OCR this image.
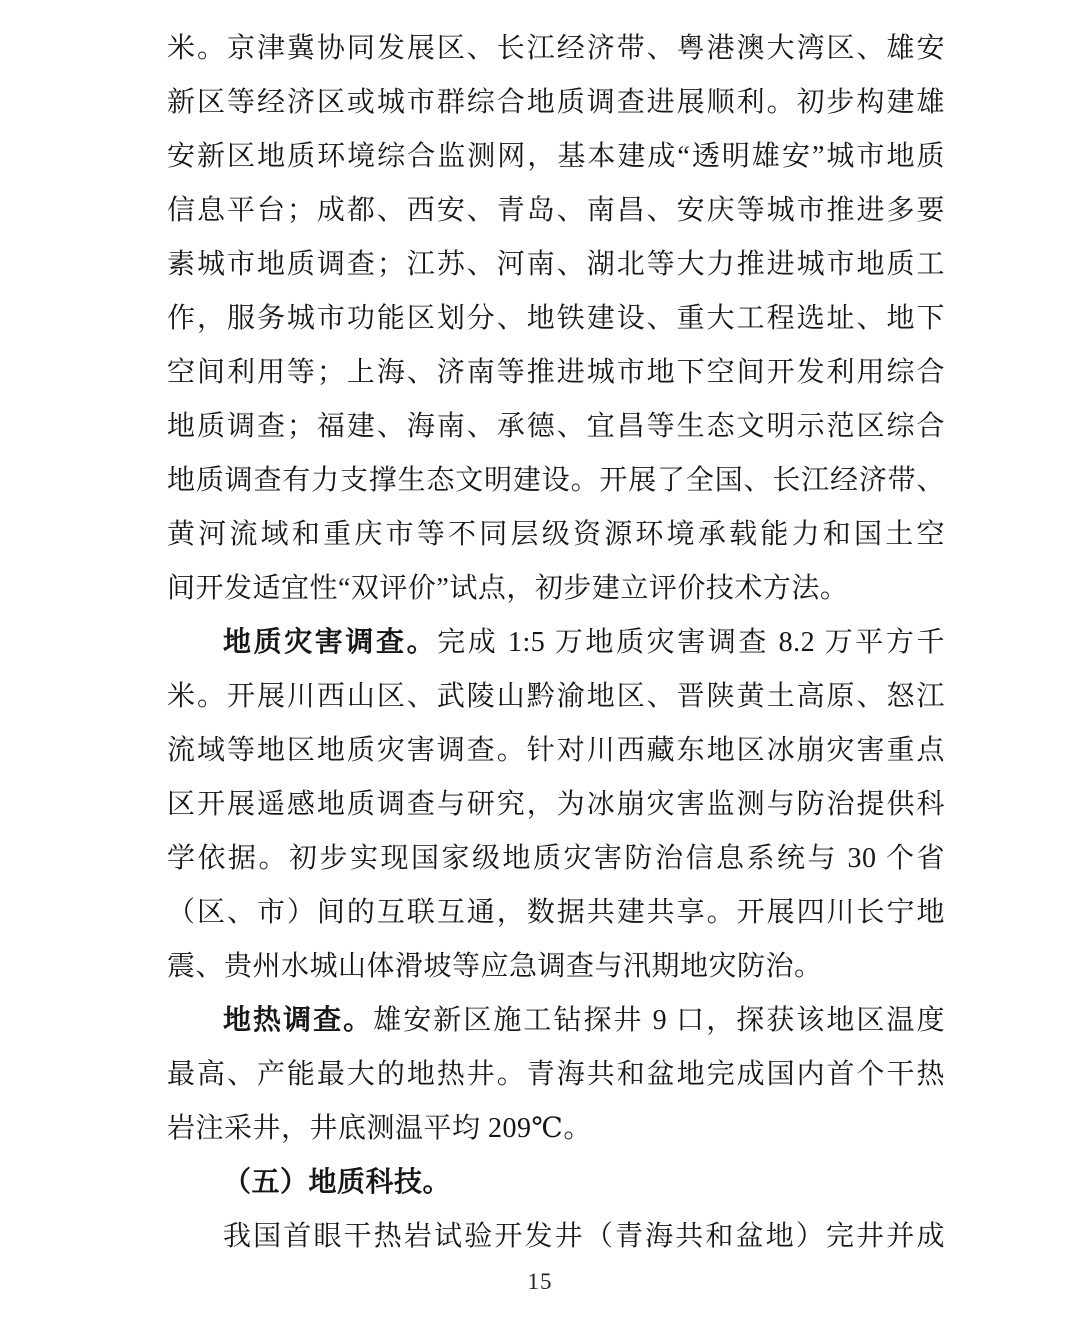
米。京津冀协同发展区、长江经济带、粤港澳大湾区、雄安
新区等经济区或城市群综合地质调查进展顺利。初步构建雄
安新区地质环境综合监测网，基本建成“透明雄安”城市地质
信息平台；成都、西安、青岛、南昌、安庆等城市推进多要
素城市地质调查；江苏、河南、湖北等大力推进城市地质工
作，服务城市功能区划分、地铁建设、重大工程选址、地下
空间利用等；上海、济南等推进城市地下空间开发利用综合
地质调查；福建、海南、承德、宜昌等生态文明示范区综合
地质调查有力支撑生态文明建设。开展了全国、长江经济带、
黄河流域和重庆市等不同层级资源环境承载能力和国土空
间开发适宜性“双评价”试点，初步建立评价技术方法。
地质灾害调查。完成 1:5 万地质灾害调查 8.2 万平方千
米。开展川西山区、武陵山黔渝地区、晋陕黄土高原、怒江
流域等地区地质灾害调查。针对川西藏东地区冰崩灾害重点
区开展遥感地质调查与研究，为冰崩灾害监测与防治提供科
学依据。初步实现国家级地质灾害防治信息系统与 30 个省
（区、市）间的互联互通，数据共建共享。开展四川长宁地
震、贵州水城山体滑坡等应急调查与汛期地灾防治。
地热调查。雄安新区施工钻探井 9 口，探获该地区温度
最高、产能最大的地热井。青海共和盆地完成国内首个干热
岩注采井，井底测温平均 209℃。
（五）地质科技。
我国首眼干热岩试验开发井（青海共和盆地）完井并成
15
